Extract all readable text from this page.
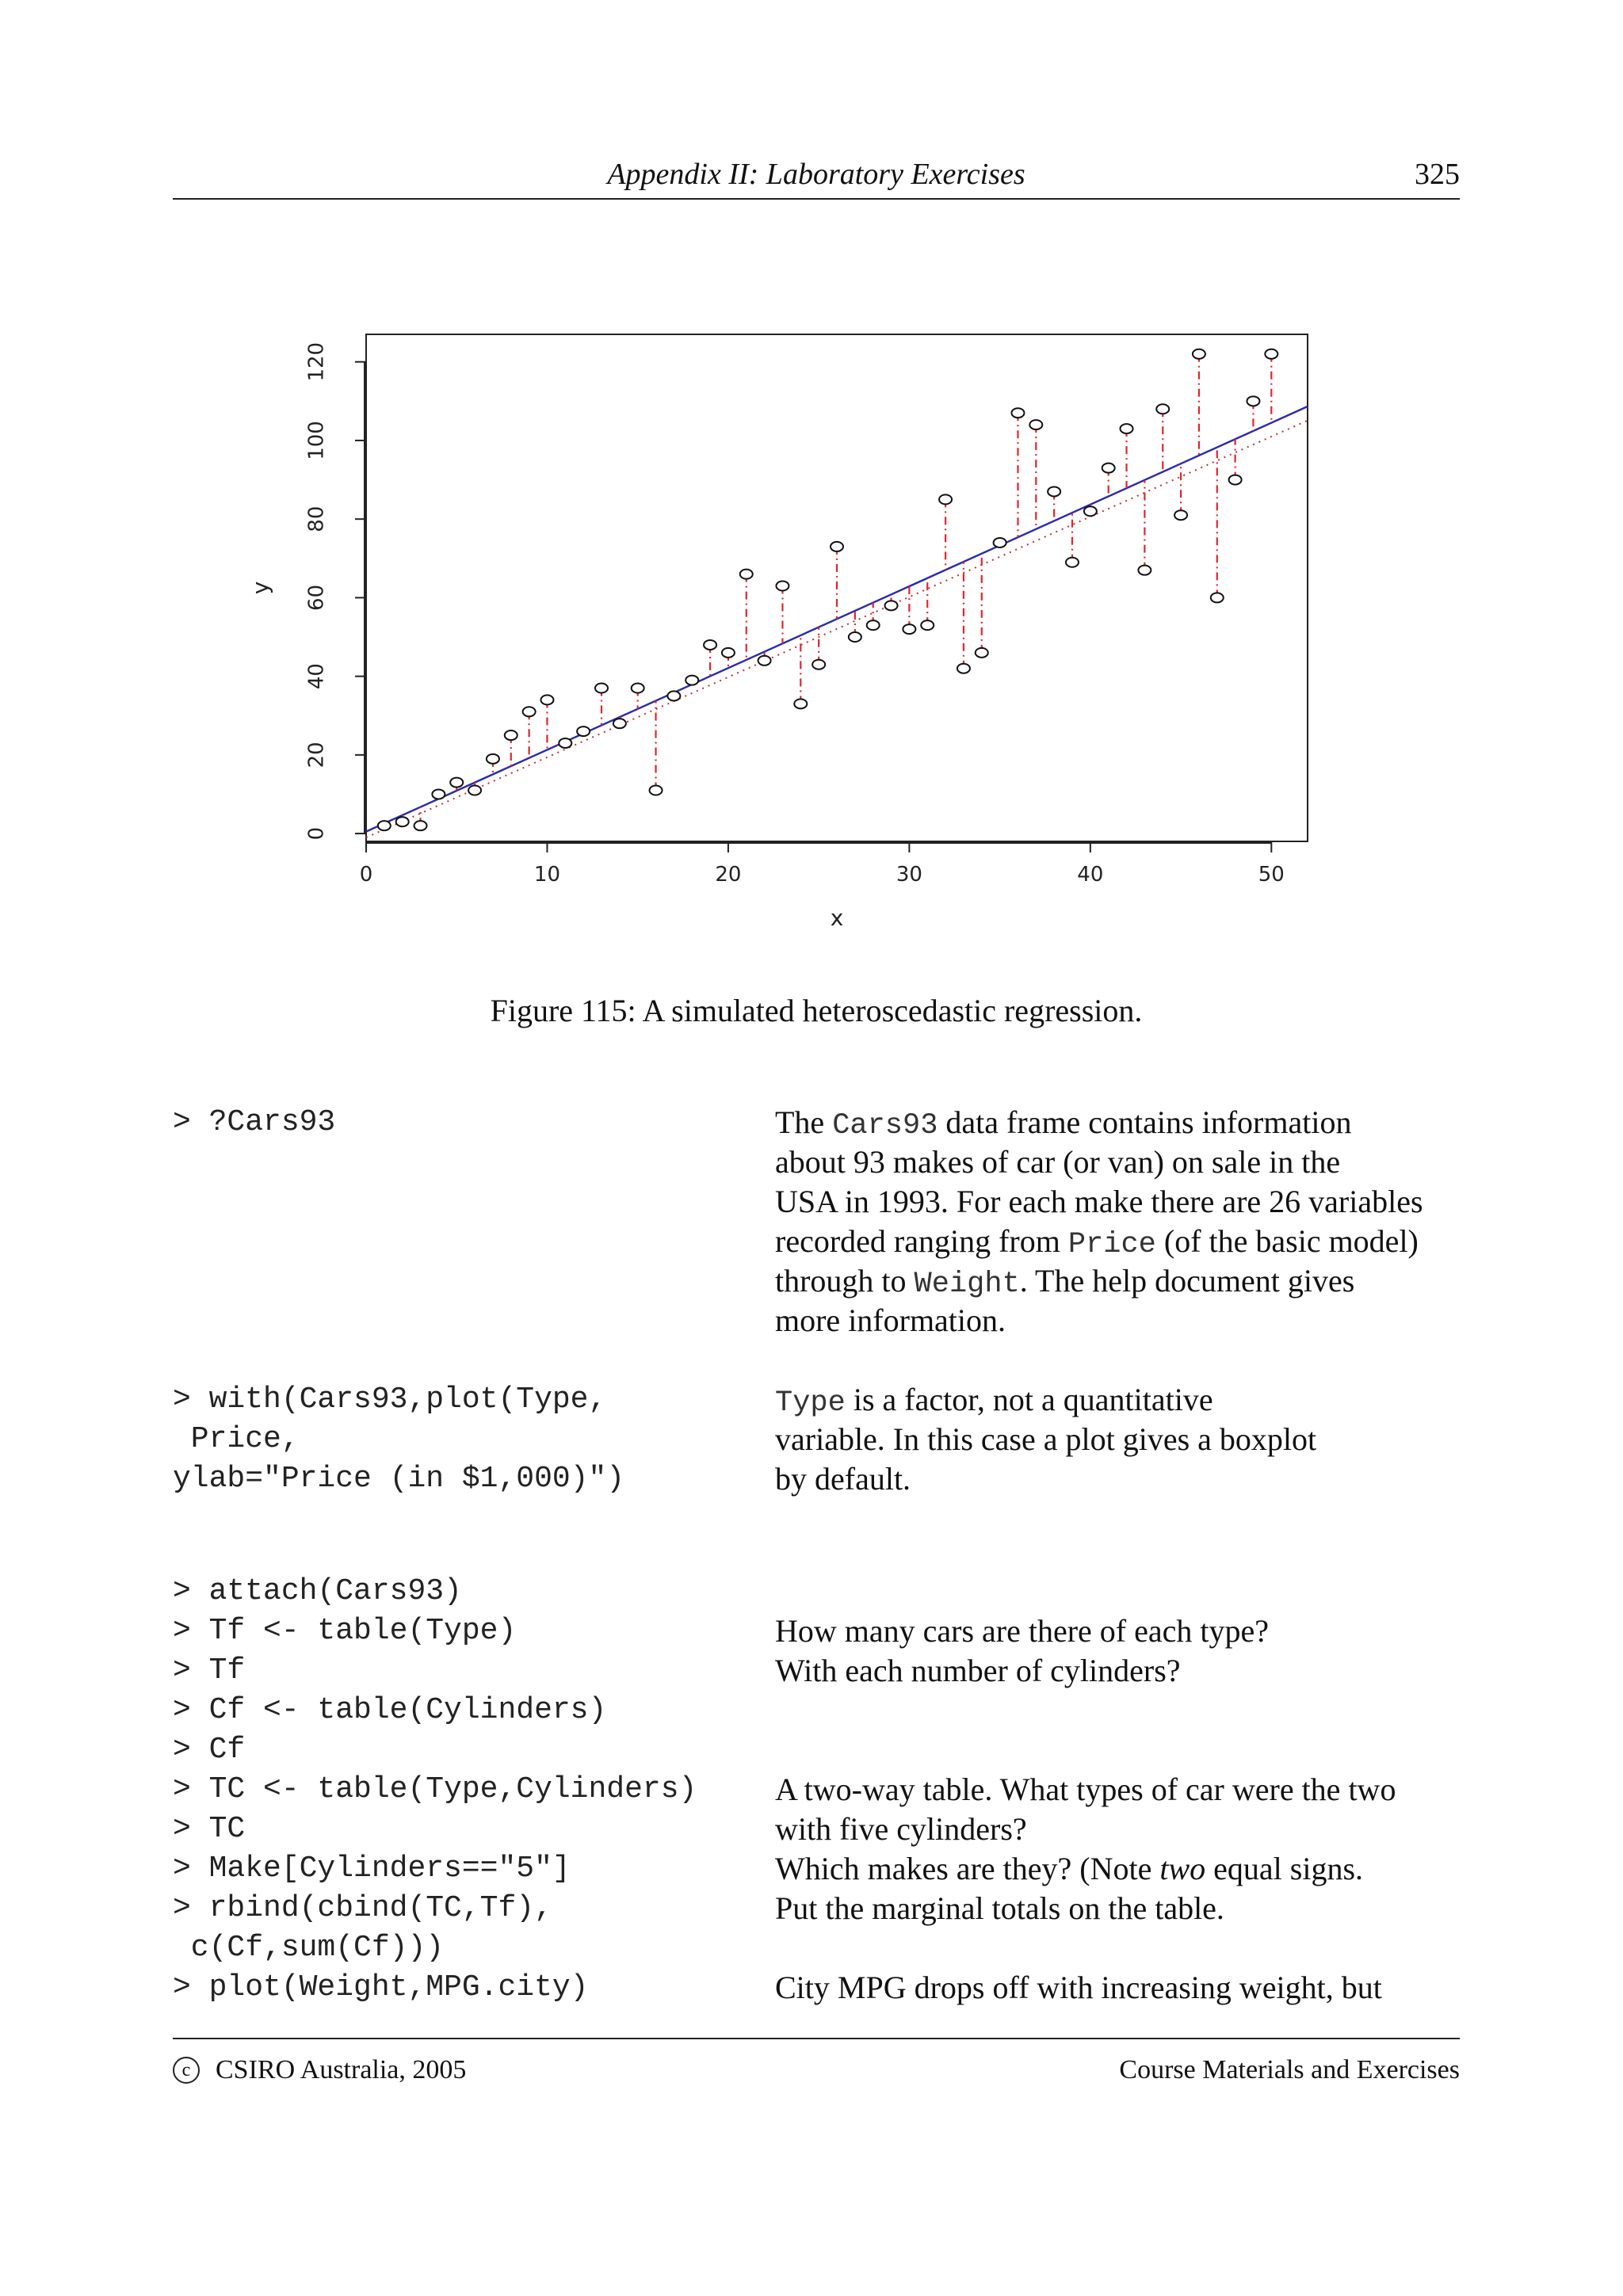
Appendix II: Laboratory Exercises	325
0	10	20	30	40	50
0
20
40
60
80
100
120
x
y
Figure 115: A simulated heteroscedastic regression.
> ?Cars93	The Cars93 data frame contains information
about 93 makes of car (or van) on sale in the
USA in 1993. For each make there are 26 variables
recorded ranging from Price (of the basic model)
through to Weight. The help document gives
more information.
> with(Cars93,plot(Type,
Price,
ylab="Price (in $1,000)")
Type is a factor, not a quantitative
variable. In this case a plot gives a boxplot
by default.
> attach(Cars93)
> Tf <- table(Type)
> Tf
> Cf <- table(Cylinders)
> Cf
> TC <- table(Type,Cylinders)
> TC
> Make[Cylinders=="5"]
> rbind(cbind(TC,Tf),
c(Cf,sum(Cf)))
> plot(Weight,MPG.city)
How many cars are there of each type?
With each number of cylinders?
A two-way table. What types of car were the two
with five cylinders?
Which makes are they? (Note two equal signs.
Put the marginal totals on the table.
City MPG drops off with increasing weight, but
c CSIRO Australia, 2005	Course Materials and Exercises
